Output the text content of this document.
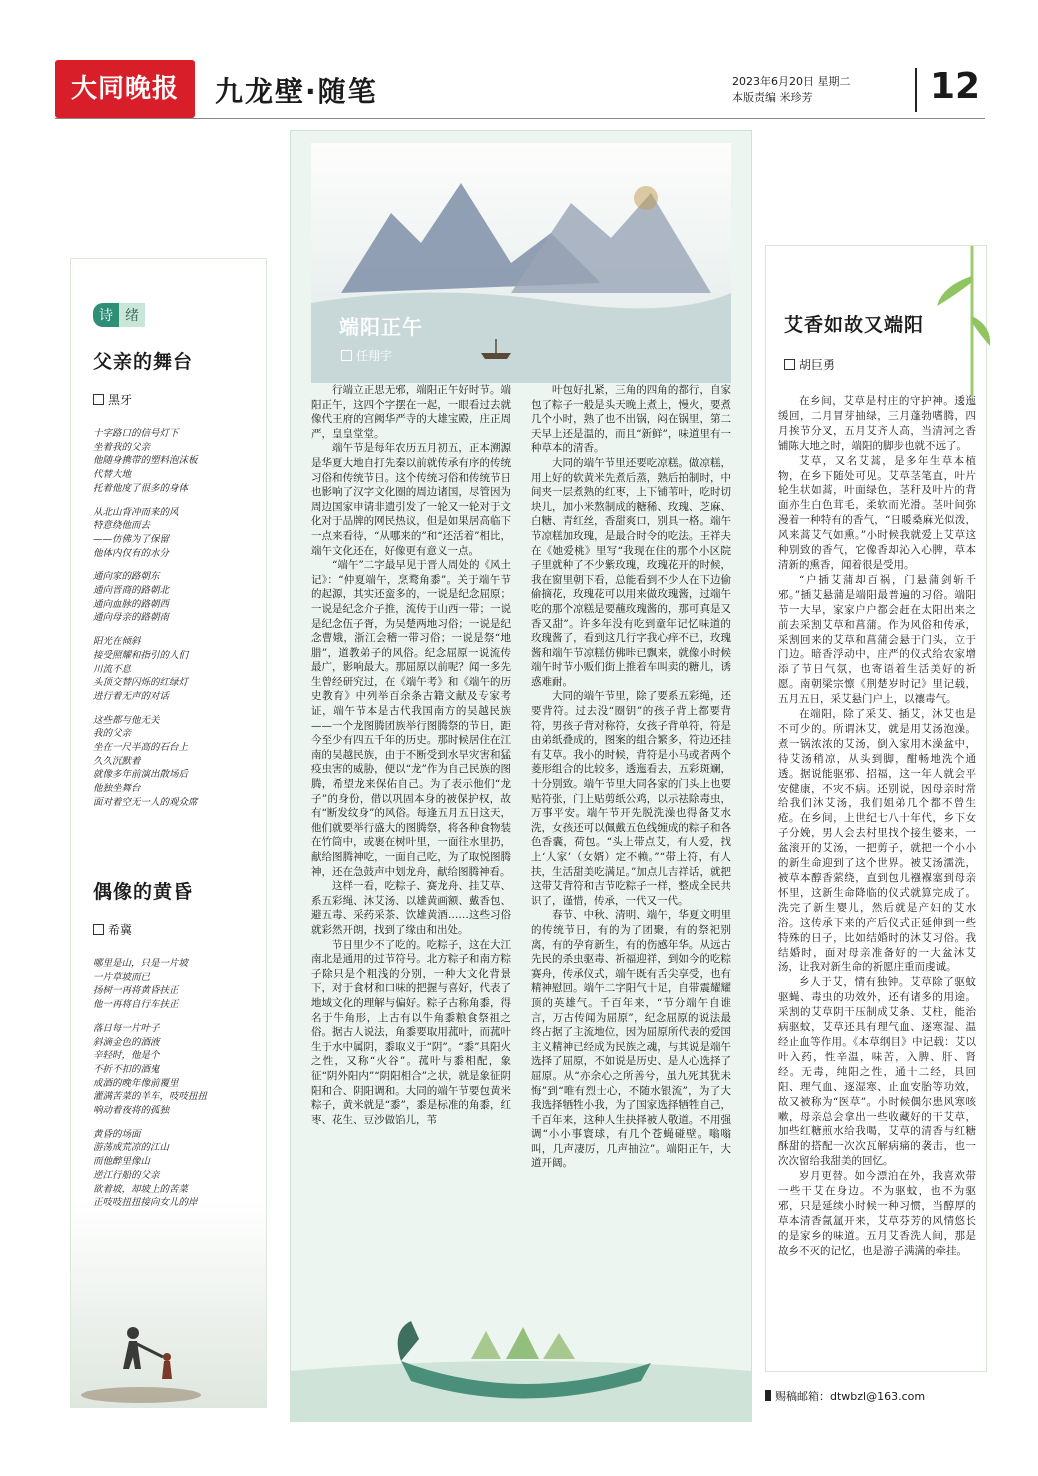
大同晚报	九龙壁·随笔	2023年6月20日 星期二
本版责编 米珍芳	12
诗 绪
父亲的舞台
黑牙
十字路口的信号灯下
坐着我的父亲
他随身携带的塑料泡沫板
代替大地
托着他度了很多的身体
从北山背冲而来的风
特意绕他而去
——仿佛为了保留
他体内仅有的水分
通向家的路朝东
通向晋商的路朝北
通向血脉的路朝西
通向母亲的路朝南
阳光在倾斜
接受照耀和指引的人们
川流不息
头顶交替闪烁的红绿灯
进行着无声的对话
这些都与他无关
我的父亲
坐在一尺半高的石台上
久久沉默着
就像多年前演出散场后
他独坐舞台
面对着空无一人的观众席
偶像的黄昏
希冀
哪里是山，只是一片坡
一片草坡而已
扬树一再将黄昏扶正
他一再将自行车扶正
落日每一片叶子
斜滴金色的酒液
辛轻时，他是个
不折不扣的酒鬼
成酒的晚年像前覆里
灌满苦菜的羊车，吱吱扭扭
响动着夜将的孤独
黄昏的场面
游荡成荒凉的江山
而他醉里像山
逆江行船的父亲
欲着坡，却坡上的苦菜
正吱吱扭扭接向女儿的岸
端阳正午
任翔宇

行端立正思无邪，端阳正午好时节。端阳正午，这四个字摆在一起，一眼看过去就像代王府的宫阙华严寺的大雄宝殿，庄正周严，皇皇堂堂。

端午节是每年农历五月初五，正本溯源是华夏大地自打先秦以前就传承有序的传统习俗和传统节日。这个传统习俗和传统节日也影响了汉字文化圈的周边诸国，尽管因为周边国家申请非遗引发了一轮又一轮对于文化对于品牌的网民热议，但是如果居高临下一点来看待，“从哪来的”和“还活着”相比，端午文化还在，好像更有意义一点。

“端午”二字最早见于晋人周处的《风土记》：“仲夏端午，烹鹜角黍”。关于端午节的起源，其实还蛮多的，一说是纪念屈原；一说是纪念介子推，流传于山西一带；一说是纪念伍子胥，为吴楚两地习俗；一说是纪念曹娥，浙江会稽一带习俗；一说是祭“地腊”，道教弟子的风俗。纪念屈原一说流传最广，影响最大。那屈原以前呢？闻一多先生曾经研究过，在《端午考》和《端午的历史教育》中列举百余条古籍文献及专家考证，端午节本是古代我国南方的吴越民族——一个龙图腾团族举行图腾祭的节日，距今至少有四五千年的历史。那时候居住在江南的吴越民族，由于不断受到水旱灾害和猛疫虫害的威胁，便以“龙”作为自己民族的图腾，希望龙来保佑自己。为了表示他们“龙子”的身份，借以巩固本身的被保护权，故有“断发纹身”的风俗。每逢五月五日这天，他们就要举行盛大的图腾祭，将各种食物装在竹筒中，或裹在树叶里，一面往水里扔，献给图腾神吃，一面自己吃，为了取悦图腾神，还在急鼓声中划龙舟，献给图腾神看。

这样一看，吃粽子、赛龙舟、挂艾草、系五彩绳、沐艾汤、以雄黄画额、戴香包、避五毒、采药采茶、饮雄黄酒……这些习俗就彩然开朗，找到了缘由和出处。

节日里少不了吃的。吃粽子，这在大江南北是通用的过节符号。北方粽子和南方粽子除只是个粗浅的分别，一种大文化背景下，对于食材和口味的把握与喜好，代表了地域文化的理解与偏好。粽子古称角黍，得名于牛角形，上古有以牛角黍粮食祭祖之俗。据古人说法，角黍要取用菰叶，而菰叶生于水中属阴，黍取义于“阴”。“黍”具阳火之性，又称“火谷”。菰叶与黍相配，象征“阴外阳内”“阴阳相合”之状，就是象征阴阳和合、阴阳调和。大同的端午节要包黄米粽子，黄米就是“黍”，黍是标准的角黍，红枣、花生、豆沙做馅儿，苇

叶包好扎紧，三角的四角的都行，自家包了粽子一般是头天晚上煮上，慢火，要煮几个小时，熟了也不出锅，闷在锅里，第二天早上还是温的，而且“新鲜”，味道里有一种草本的清香。

大同的端午节里还要吃凉糕。做凉糕，用上好的软黄米先煮后蒸，熟后拍制时，中间夹一层煮熟的红枣，上下铺苇叶，吃时切块儿，加小米熬制成的糖稀、玫瑰、芝麻、白糖、青红丝，香甜爽口，别具一格。端午节凉糕加玫瑰，是最合时令的吃法。王祥夫在《她爱桃》里写“我现在住的那个小区院子里就种了不少紫玫瑰，玫瑰花开的时候，我在窗里朝下看，总能看到不少人在下边偷偷摘花，玫瑰花可以用来做玫瑰酱，过端午吃的那个凉糕是要蘸玫瑰酱的，那可真是又香又甜”。许多年没有吃到童年记忆味道的玫瑰酱了，看到这几行字我心痒不已，玫瑰酱和端午节凉糕仿佛咔已飘来，就像小时候端午时节小贩们街上推着车叫卖的糖儿，诱惑难耐。

大同的端午节里，除了要系五彩绳，还要背符。过去没“圈钥”的孩子背上都要背符，男孩子背对称符，女孩子背单符，符是由弟纸叠成的，图案的组合繁多，符边还挂有艾草。我小的时候，背符是小马或者两个菱形组合的比较多，透迤看去，五彩斑斓，十分别致。端午节里大同各家的门头上也要贴符张，门上贴剪纸公鸡，以示祛除毒虫，万事平安。端午节开先脱洗澡也得备艾水洗，女孩还可以佩戴五色线缠成的粽子和各色香囊，荷包。“头上带点艾，有人爱，找上‘人家’（女婿）定不赖。”“带上符，有人扶，生活甜美吃满足。”加点儿吉祥话，就把这带艾背符和吉节吃粽子一样，整成全民共识了，谨惜，传承，一代又一代。

春节、中秋、清明、端午，华夏文明里的传统节日，有的为了团聚，有的祭祀别离，有的孕育新生，有的伤感年华。从远古先民的杀虫驱毒、祈福迎祥，到如今的吃粽赛舟，传承仪式，端午既有舌尖享受，也有精神慰回。端午二字阳气十足，自带震耀耀顶的英雄气。千百年来，“节分端午自谁言，万古传闻为屈原”，纪念屈原的说法最终占据了主流地位，因为屈原所代表的爱国主义精神已经成为民族之魂，与其说是端午选择了屈原，不如说是历史、是人心选择了屈原。从“亦余心之所善兮，虽九死其犹未悔”到“唯有烈士心，不随水银流”，为了大我选择牺牲小我，为了国家选择牺牲自己，千百年来，这种人生抉择被人敬道。不用强调“小小事寰球，有几个苍蝇碰壁。嗡嗡叫，几声凄厉，几声抽泣”。端阳正午，大道开阔。

艾香如故又端阳
胡巨勇

在乡间，艾草是村庄的守护神。逶迤缓回，二月冒芽抽绿，三月蓬勃嗜腾，四月挨节分叉，五月艾齐人高，当清河之香铺陈大地之时，端阳的脚步也就不远了。

艾草，又名艾蒿，是多年生草本植物，在乡下随处可见。艾草茎笔直，叶片轮生状如蒿，叶面绿色，茎秆及叶片的背面亦生白色茸毛，柔软而光滑。茎叶间弥漫着一种特有的香气，“日暖桑麻光似泼，风来蒿艾气如熏。”小时候我就爱上艾草这种别致的香气，它像香却沁入心脾，草本清新的熏香，闻着很是受用。

“户插艾蒲却百祸，门悬蒲剑斩千邪。”插艾悬蒲是端阳最普遍的习俗。端阳节一大早，家家户户都会赶在太阳出来之前去采割艾草和菖蒲。作为风俗和传承，采割回来的艾草和菖蒲会悬于门头，立于门边。暗香浮动中，庄严的仪式给农家增添了节日气氛，也寄语着生活美好的祈愿。南朝梁宗懔《荆楚岁时记》里记载，五月五日，采艾悬门户上，以禳毒气。

在端阳，除了采艾、插艾，沐艾也是不可少的。所谓沐艾，就是用艾汤泡澡。煮一锅浓浓的艾汤，倒入家用木澡盆中，待艾汤稍凉，从头到脚，酣畅地洗个通透。据说能驱邪、招福，这一年人就会平安健康，不灾不病。还别说，因母亲时常给我们沐艾汤，我们姐弟几个都不曾生疮。在乡间，上世纪七八十年代，乡下女子分娩，男人会去村里找个接生婆来，一盆滚开的艾汤，一把剪子，就把一个小小的新生命迎到了这个世界。被艾汤濡洗，被草本醇香萦绕，直到包儿襁褓塞到母亲怀里，这新生命降临的仪式就算完成了。洗完了新生婴儿，然后就是产妇的艾水浴。这传承下来的产后仪式正延伸到一些特殊的日子，比如结婚时的沐艾习俗。我结婚时，面对母亲准备好的一大盆沐艾汤，让我对新生命的祈愿庄重而虔诚。

乡人于艾，情有独钟。艾草除了驱蚊驱蝇、毒虫的功效外，还有诸多的用途。采割的艾草阴干压制成艾条、艾柱，能治病驱蚊，艾草还具有理气血、逐寒湿、温经止血等作用。《本草纲目》中记载：艾以叶入药，性辛温，味苦，入脾、肝、肾经。无毒，纯阳之性，通十二经，具回阳、理气血、逐湿寒、止血安胎等功效，故又被称为“医草”。小时候偶尔患风寒咳嗽，母亲总会拿出一些收藏好的干艾草，加些红糖煎水给我喝，艾草的清香与红糖酥甜的搭配一次次瓦解病痛的袭击，也一次次留给我甜美的回忆。

岁月更替。如今漂泊在外，我喜欢带一些干艾在身边。不为驱蚊，也不为驱邪，只是延续小时候一种习惯，当醇厚的草本清香氤氲开来，艾草芬芳的风情悠长的是家乡的味道。五月艾香洗人间，那是故乡不灭的记忆，也是游子满满的牵挂。

赐稿邮箱：dtwbzl@163.com
